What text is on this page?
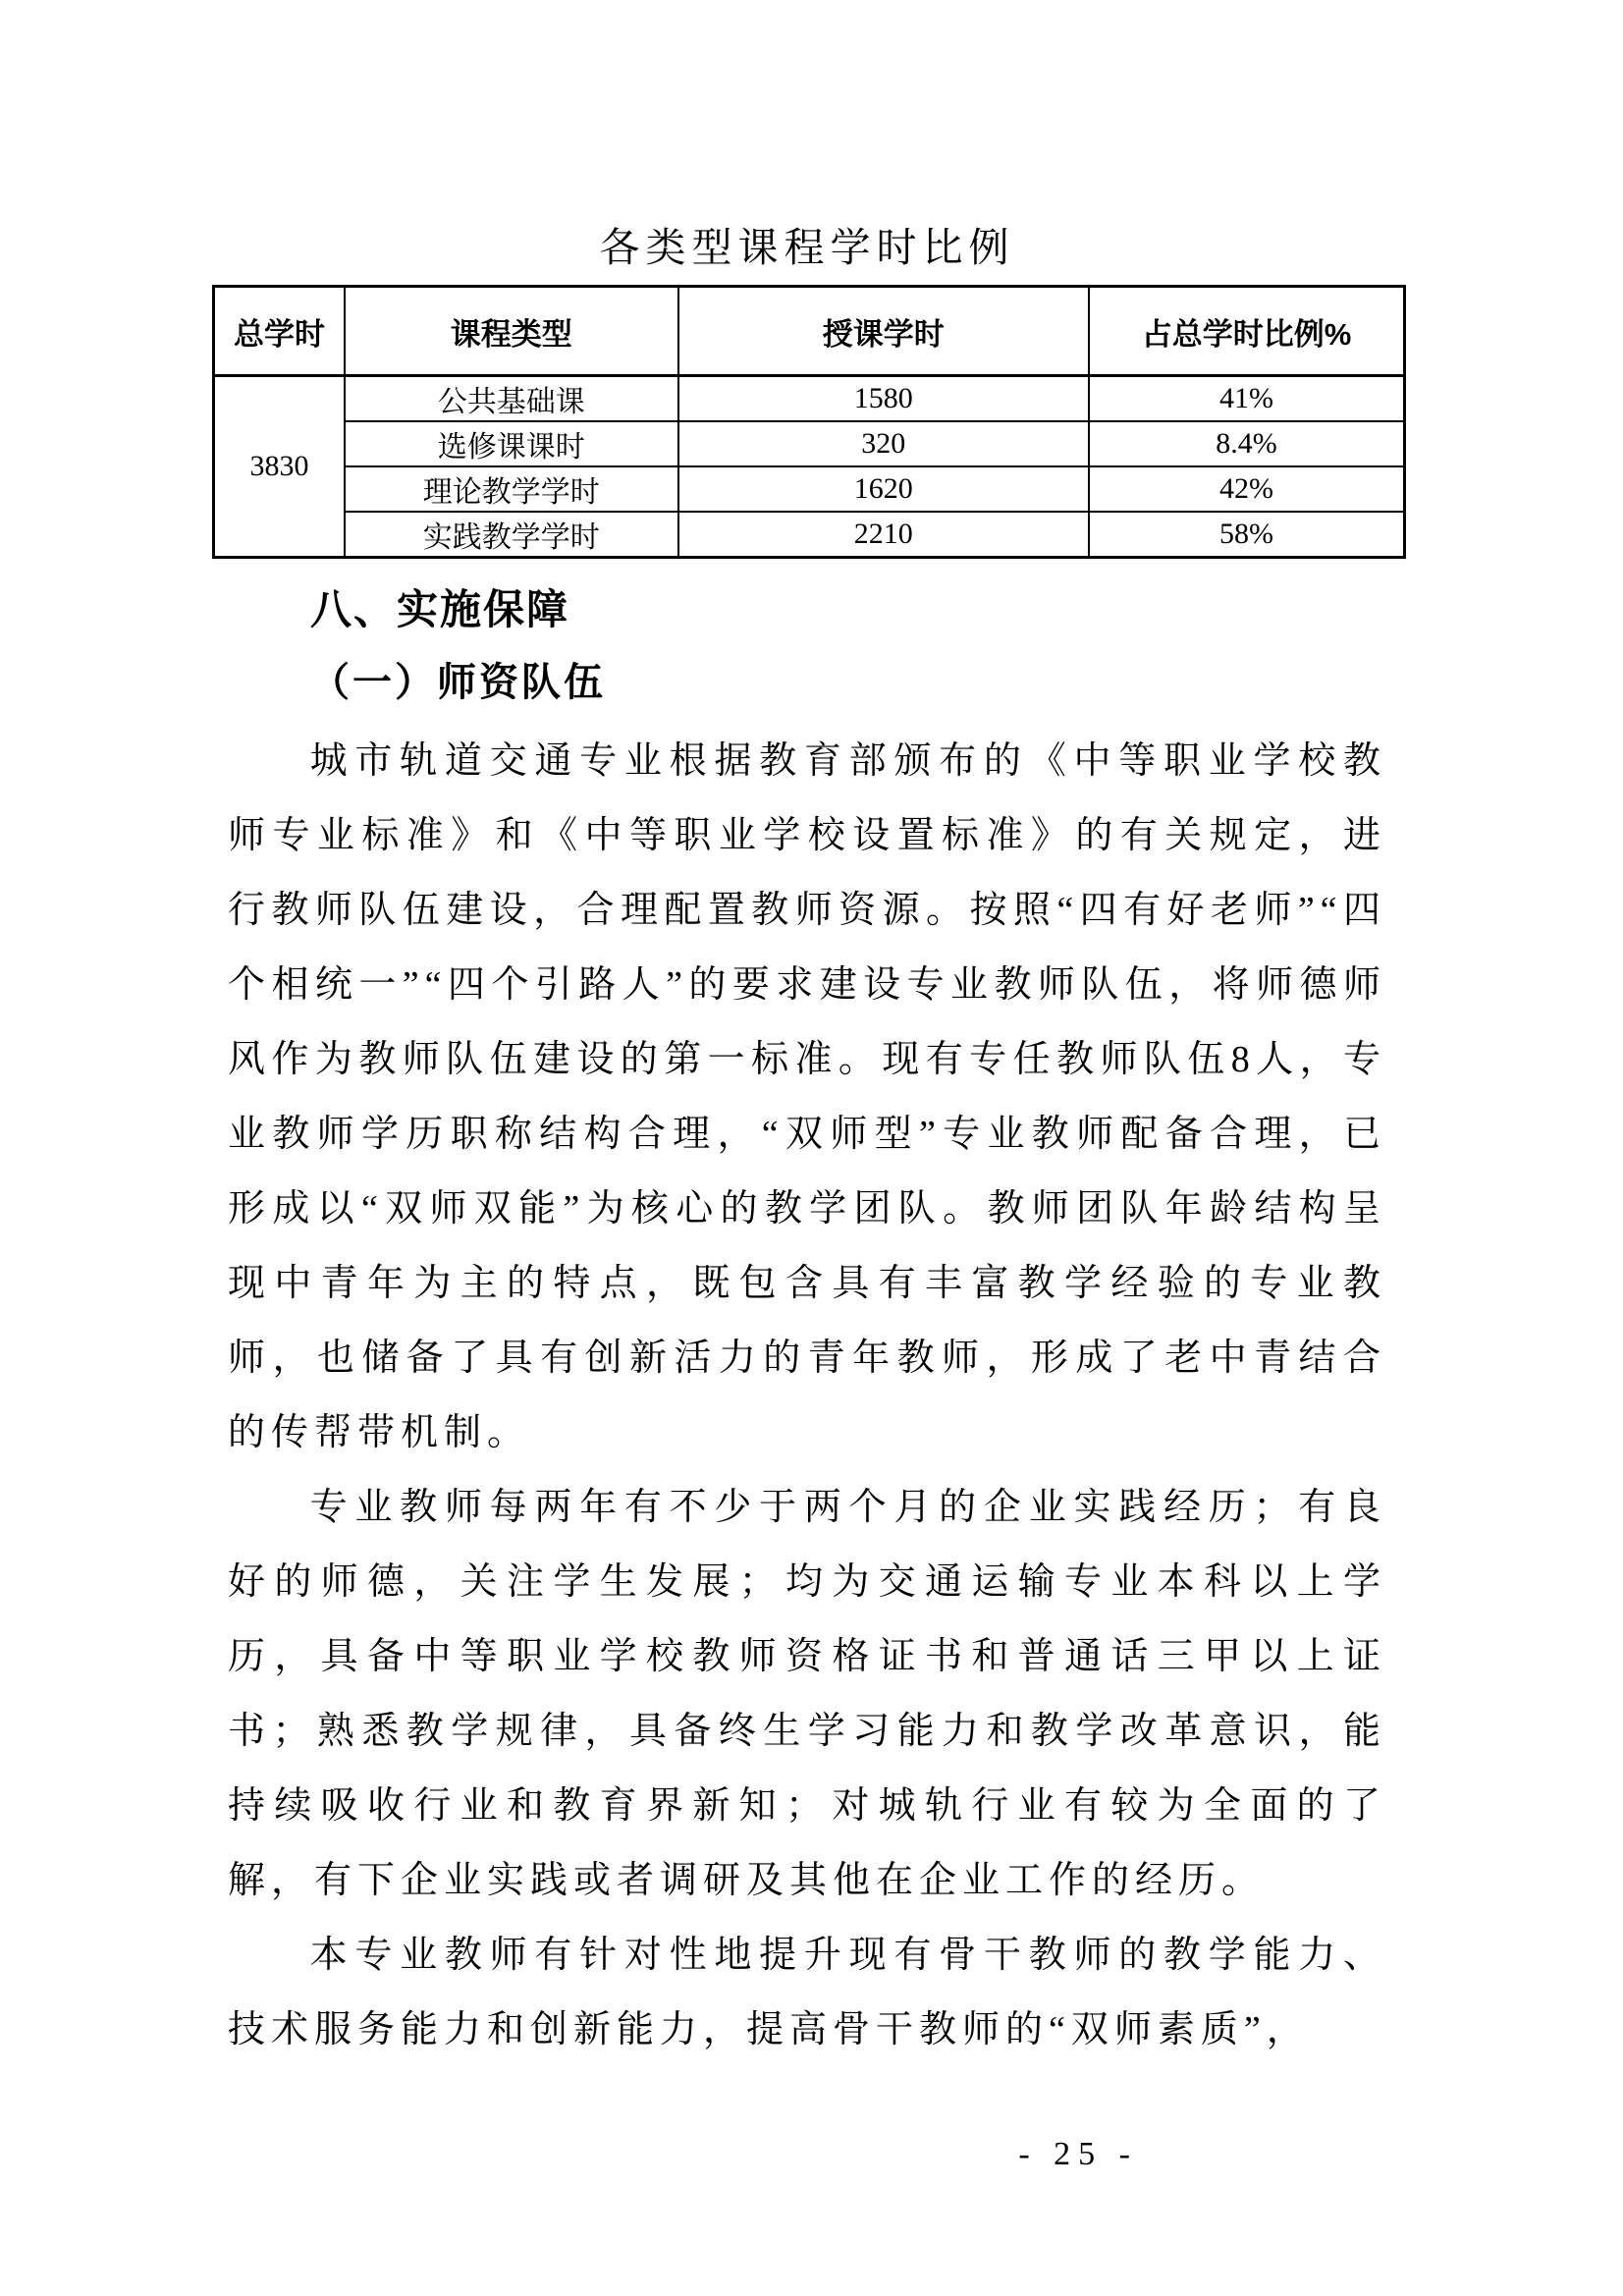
各类型课程学时比例
总学时	课程类型	授课学时	占总学时比例%
3830	公共基础课	1580	41%
	选修课课时	320	8.4%
	理论教学学时	1620	42%
	实践教学学时	2210	58%
八、实施保障
（一）师资队伍

城市轨道交通专业根据教育部颁布的《中等职业学校教师专业标准》和《中等职业学校设置标准》的有关规定，进行教师队伍建设，合理配置教师资源。按照“四有好老师”“四个相统一”“四个引路人”的要求建设专业教师队伍，将师德师风作为教师队伍建设的第一标准。现有专任教师队伍8人，专业教师学历职称结构合理，“双师型”专业教师配备合理，已形成以“双师双能”为核心的教学团队。教师团队年龄结构呈现中青年为主的特点，既包含具有丰富教学经验的专业教师，也储备了具有创新活力的青年教师，形成了老中青结合的传帮带机制。

专业教师每两年有不少于两个月的企业实践经历；有良好的师德，关注学生发展；均为交通运输专业本科以上学历，具备中等职业学校教师资格证书和普通话三甲以上证书；熟悉教学规律，具备终生学习能力和教学改革意识，能持续吸收行业和教育界新知；对城轨行业有较为全面的了解，有下企业实践或者调研及其他在企业工作的经历。

本专业教师有针对性地提升现有骨干教师的教学能力、技术服务能力和创新能力，提高骨干教师的“双师素质”，

- 25 -
